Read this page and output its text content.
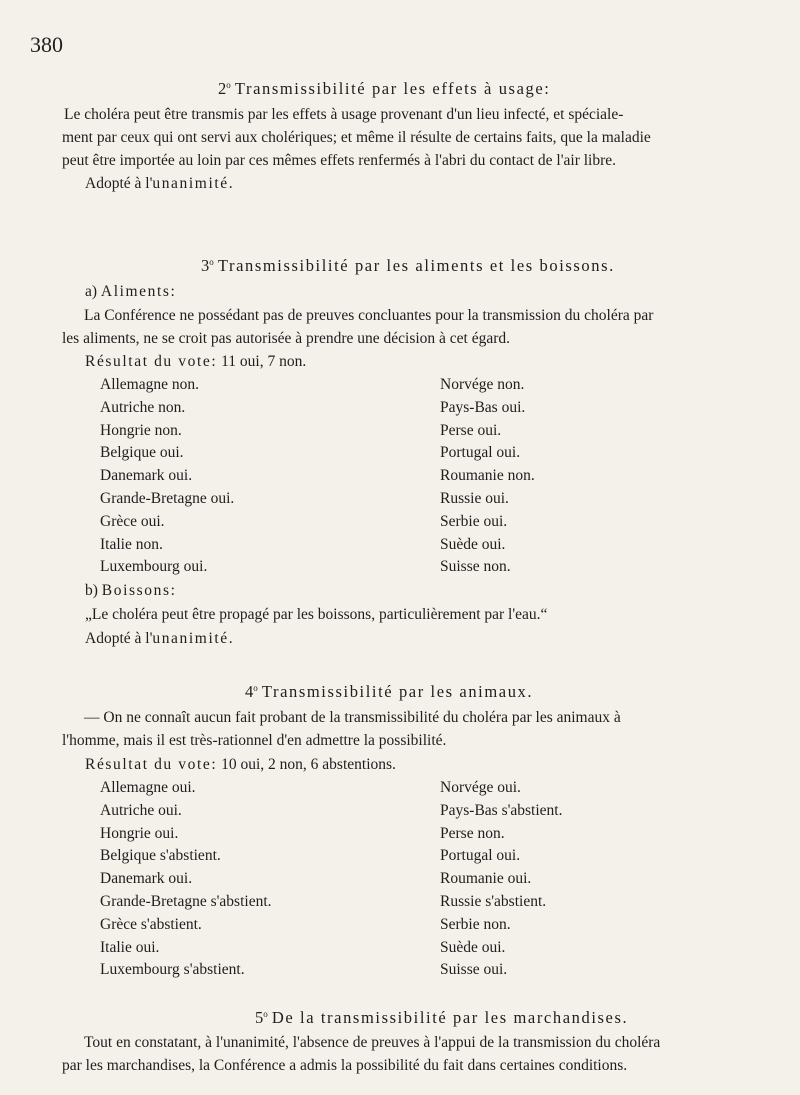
380
2$^o$ Transmissibilité par les effets à usage:
Le choléra peut être transmis par les effets à usage provenant d'un lieu infecté, et spéciale-
ment par ceux qui ont servi aux cholériques; et même il résulte de certains faits, que la maladie
peut être importée au loin par ces mêmes effets renfermés à l'abri du contact de l'air libre.
Adopté à l'unanimité.
3$^o$ Transmissibilité par les aliments et les boissons.
a) Aliments:
La Conférence ne possédant pas de preuves concluantes pour la transmission du choléra par
les aliments, ne se croit pas autorisée à prendre une décision à cet égard.
Résultat du vote: 11 oui, 7 non.
Allemagne non.
Autriche non.
Hongrie non.
Belgique oui.
Danemark oui.
Grande-Bretagne oui.
Grèce oui.
Italie non.
Luxembourg oui.
Norvége non.
Pays-Bas oui.
Perse oui.
Portugal oui.
Roumanie non.
Russie oui.
Serbie oui.
Suède oui.
Suisse non.
b) Boissons:
„Le choléra peut être propagé par les boissons, particulièrement par l'eau.“
Adopté à l'unanimité.
4$^o$ Transmissibilité par les animaux.
— On ne connaît aucun fait probant de la transmissibilité du choléra par les animaux à
l'homme, mais il est très-rationnel d'en admettre la possibilité.
Résultat du vote: 10 oui, 2 non, 6 abstentions.
Allemagne oui.
Autriche oui.
Hongrie oui.
Belgique s'abstient.
Danemark oui.
Grande-Bretagne s'abstient.
Grèce s'abstient.
Italie oui.
Luxembourg s'abstient.
Norvége oui.
Pays-Bas s'abstient.
Perse non.
Portugal oui.
Roumanie oui.
Russie s'abstient.
Serbie non.
Suède oui.
Suisse oui.
5$^o$ De la transmissibilité par les marchandises.
Tout en constatant, à l'unanimité, l'absence de preuves à l'appui de la transmission du choléra
par les marchandises, la Conférence a admis la possibilité du fait dans certaines conditions.
